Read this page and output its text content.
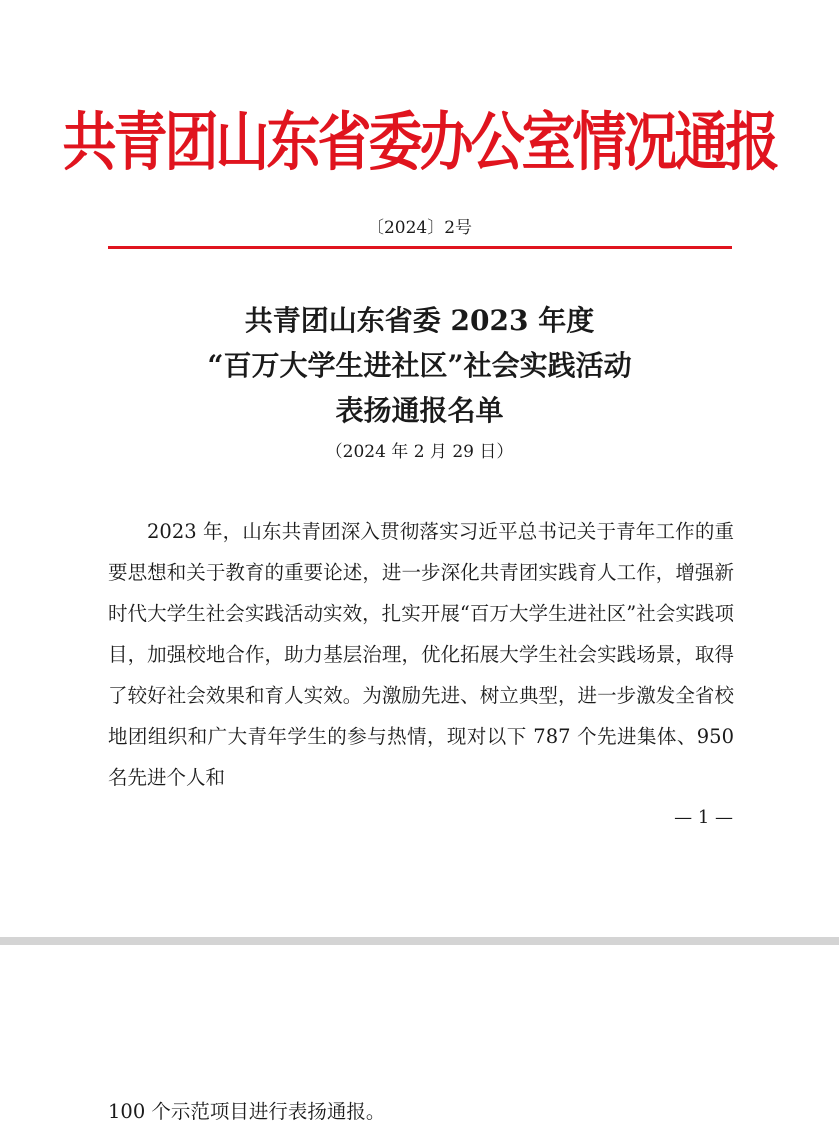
共青团山东省委办公室情况通报
〔2024〕2号
共青团山东省委 2023 年度
“百万大学生进社区”社会实践活动
表扬通报名单
（2024 年 2 月 29 日）

2023 年，山东共青团深入贯彻落实习近平总书记关于青年工作的重要思想和关于教育的重要论述，进一步深化共青团实践育人工作，增强新时代大学生社会实践活动实效，扎实开展“百万大学生进社区”社会实践项目，加强校地合作，助力基层治理，优化拓展大学生社会实践场景，取得了较好社会效果和育人实效。为激励先进、树立典型，进一步激发全省校地团组织和广大青年学生的参与热情，现对以下 787 个先进集体、950 名先进个人和

— 1 —
100 个示范项目进行表扬通报。
